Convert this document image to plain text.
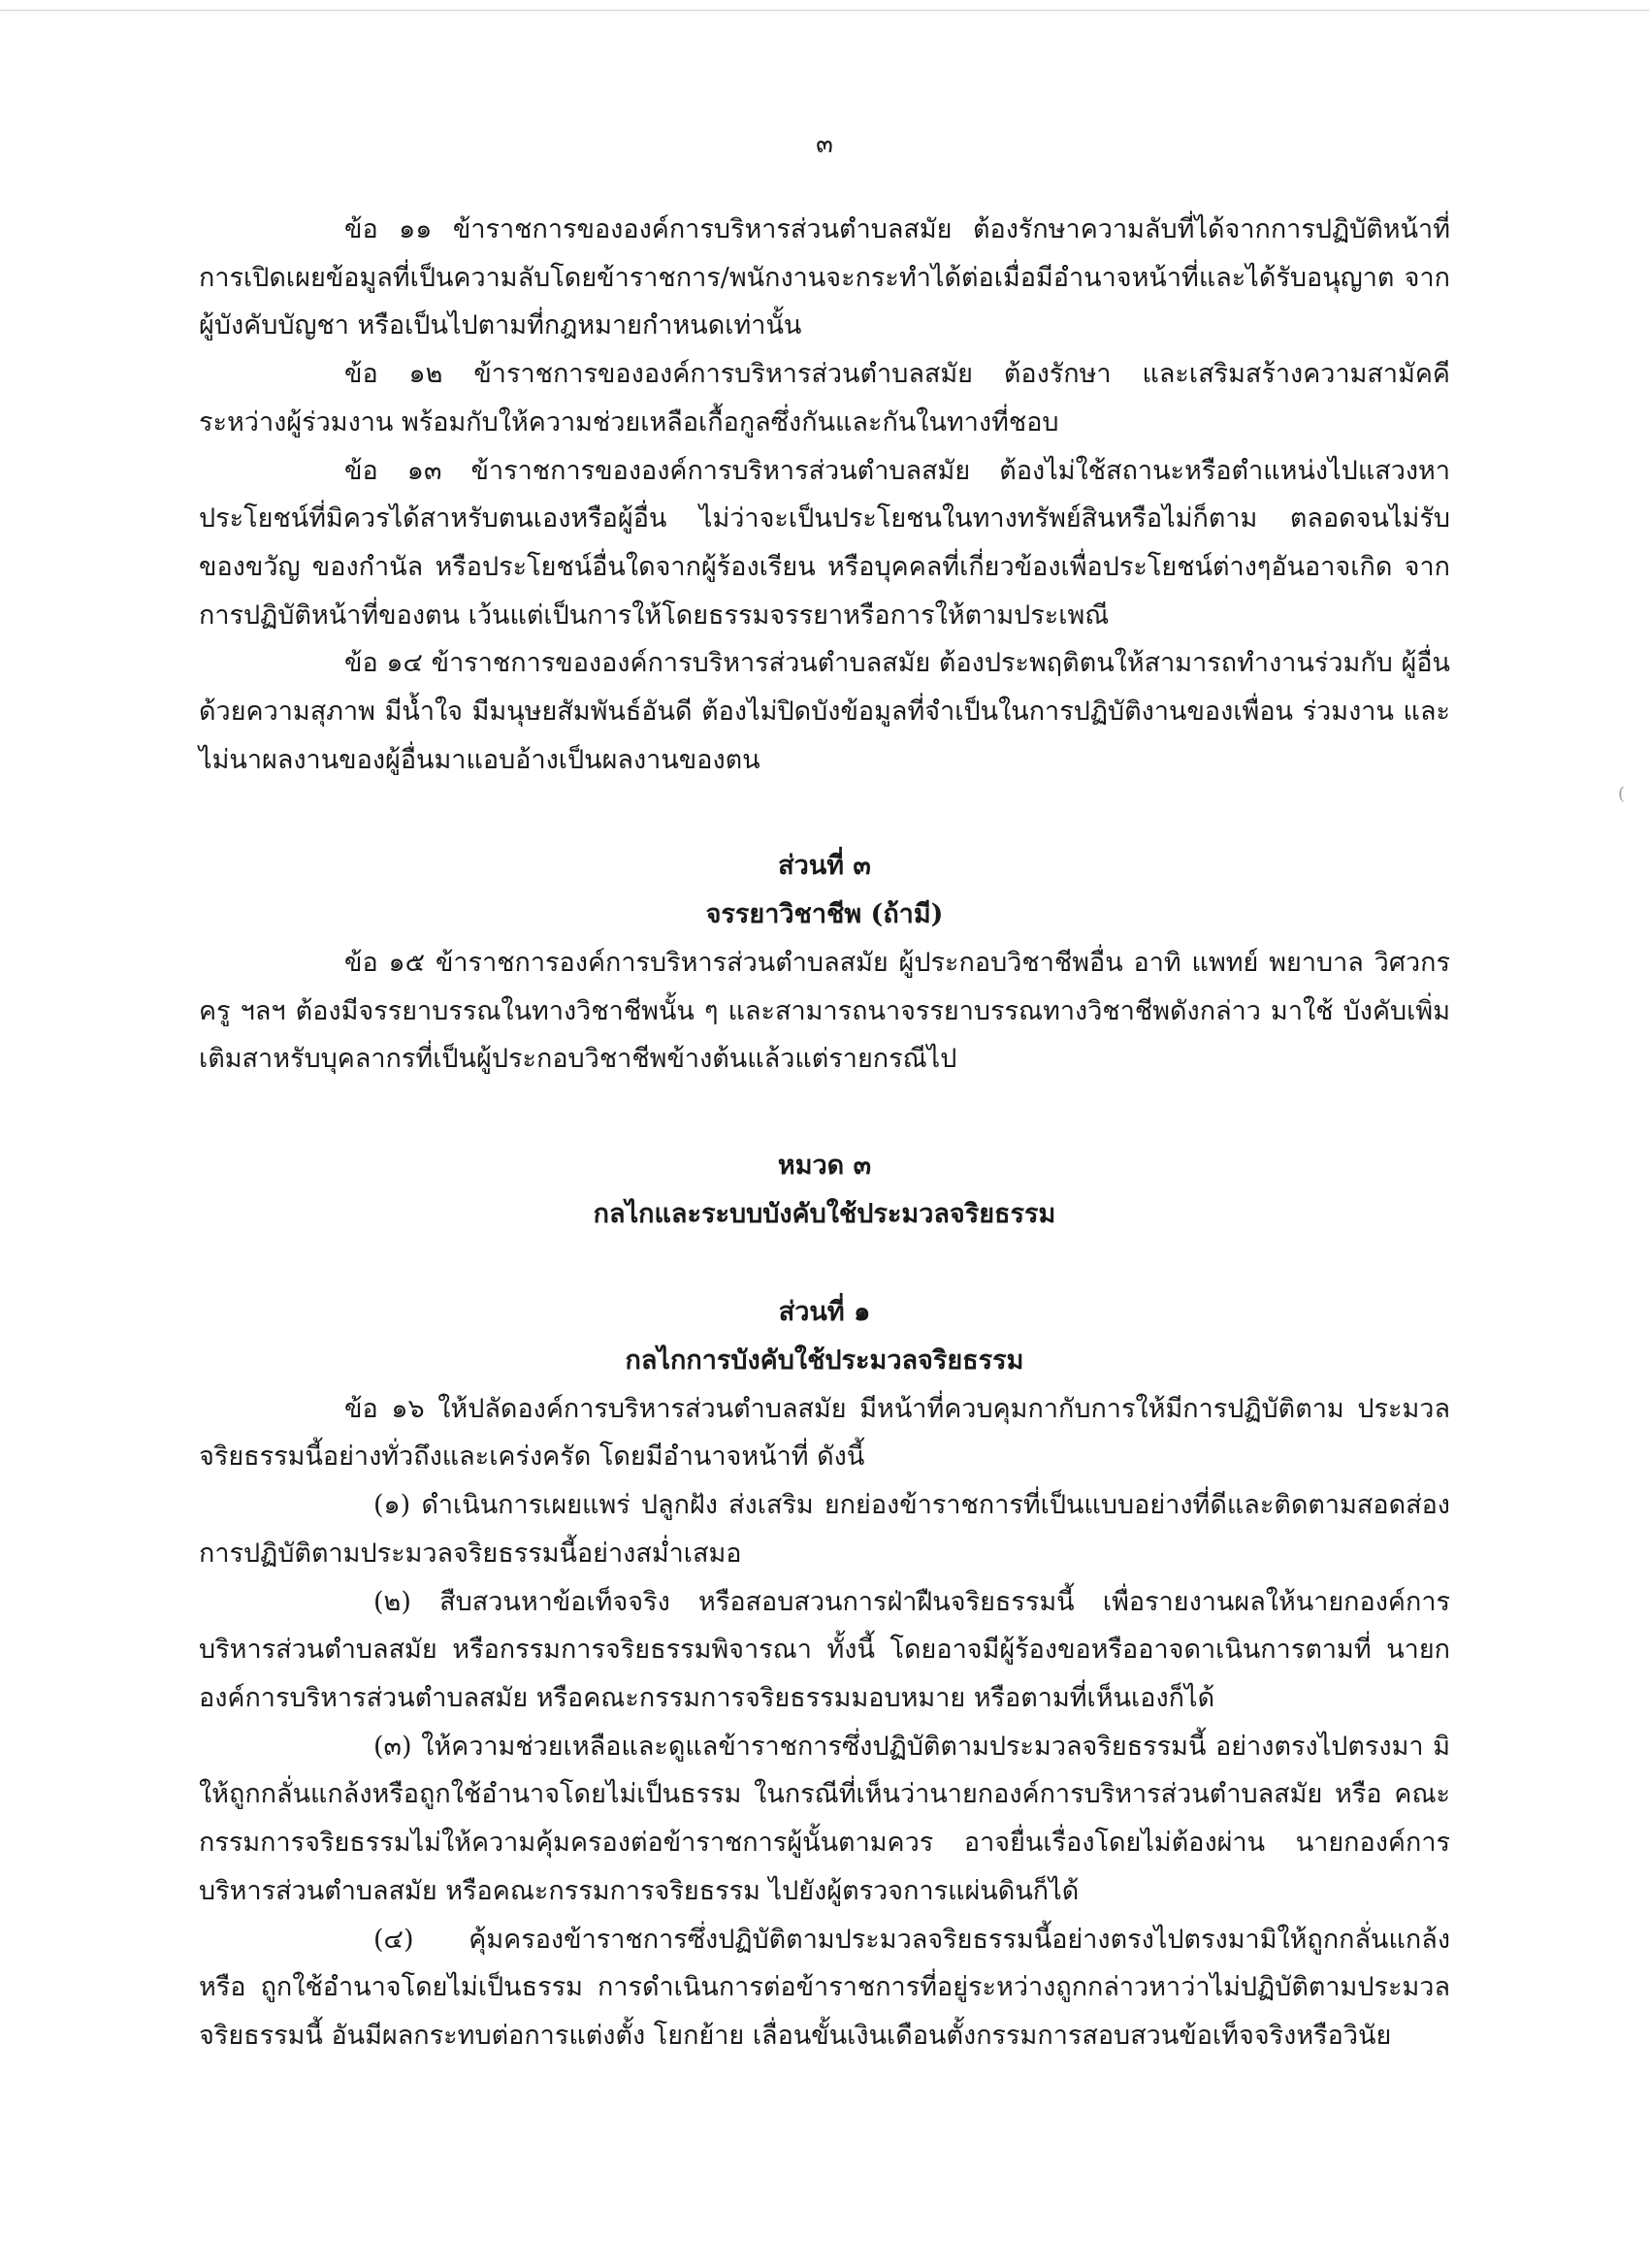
๓

ข้อ ๑๑ ข้าราชการขององค์การบริหารส่วนตำบลสมัย ต้องรักษาความลับที่ได้จากการปฏิบัติหน้าที่ การเปิดเผยข้อมูลที่เป็นความลับโดยข้าราชการ/พนักงานจะกระทำได้ต่อเมื่อมีอำนาจหน้าที่และได้รับอนุญาต จากผู้บังคับบัญชา หรือเป็นไปตามที่กฎหมายกำหนดเท่านั้น

ข้อ ๑๒ ข้าราชการขององค์การบริหารส่วนตำบลสมัย ต้องรักษา และเสริมสร้างความสามัคคี ระหว่างผู้ร่วมงาน พร้อมกับให้ความช่วยเหลือเกื้อกูลซึ่งกันและกันในทางที่ชอบ

ข้อ ๑๓ ข้าราชการขององค์การบริหารส่วนตำบลสมัย ต้องไม่ใช้สถานะหรือตำแหน่งไปแสวงหา ประโยชน์ที่มิควรได้สาหรับตนเองหรือผู้อื่น ไม่ว่าจะเป็นประโยชนในทางทรัพย์สินหรือไม่ก็ตาม ตลอดจนไม่รับ ของขวัญ ของกำนัล หรือประโยชน์อื่นใดจากผู้ร้องเรียน หรือบุคคลที่เกี่ยวข้องเพื่อประโยชน์ต่างๆอันอาจเกิด จากการปฏิบัติหน้าที่ของตน เว้นแต่เป็นการให้โดยธรรมจรรยาหรือการให้ตามประเพณี

ข้อ ๑๔ ข้าราชการขององค์การบริหารส่วนตำบลสมัย ต้องประพฤติตนให้สามารถทำงานร่วมกับ ผู้อื่นด้วยความสุภาพ มีน้ำใจ มีมนุษยสัมพันธ์อันดี ต้องไม่ปิดบังข้อมูลที่จำเป็นในการปฏิบัติงานของเพื่อน ร่วมงาน และไม่นาผลงานของผู้อื่นมาแอบอ้างเป็นผลงานของตน

ส่วนที่ ๓

จรรยาวิชาชีพ (ถ้ามี)

ข้อ ๑๕ ข้าราชการองค์การบริหารส่วนตำบลสมัย ผู้ประกอบวิชาชีพอื่น อาทิ แพทย์ พยาบาล วิศวกร ครู ฯลฯ ต้องมีจรรยาบรรณในทางวิชาชีพนั้น ๆ และสามารถนาจรรยาบรรณทางวิชาชีพดังกล่าว มาใช้ บังคับเพิ่มเติมสาหรับบุคลากรที่เป็นผู้ประกอบวิชาชีพข้างต้นแล้วแต่รายกรณีไป

หมวด ๓

กลไกและระบบบังคับใช้ประมวลจริยธรรม

ส่วนที่ ๑

กลไกการบังคับใช้ประมวลจริยธรรม

ข้อ ๑๖ ให้ปลัดองค์การบริหารส่วนตำบลสมัย มีหน้าที่ควบคุมกากับการให้มีการปฏิบัติตาม ประมวลจริยธรรมนี้อย่างทั่วถึงและเคร่งครัด โดยมีอำนาจหน้าที่ ดังนี้

(๑) ดำเนินการเผยแพร่ ปลูกฝัง ส่งเสริม ยกย่องข้าราชการที่เป็นแบบอย่างที่ดีและติดตามสอดส่อง การปฏิบัติตามประมวลจริยธรรมนี้อย่างสม่ำเสมอ

(๒) สืบสวนหาข้อเท็จจริง หรือสอบสวนการฝ่าฝืนจริยธรรมนี้ เพื่อรายงานผลให้นายกองค์การ บริหารส่วนตำบลสมัย หรือกรรมการจริยธรรมพิจารณา ทั้งนี้ โดยอาจมีผู้ร้องขอหรืออาจดาเนินการตามที่ นายกองค์การบริหารส่วนตำบลสมัย หรือคณะกรรมการจริยธรรมมอบหมาย หรือตามที่เห็นเองก็ได้

(๓) ให้ความช่วยเหลือและดูแลข้าราชการซึ่งปฏิบัติตามประมวลจริยธรรมนี้ อย่างตรงไปตรงมา มิให้ถูกกลั่นแกล้งหรือถูกใช้อำนาจโดยไม่เป็นธรรม ในกรณีที่เห็นว่านายกองค์การบริหารส่วนตำบลสมัย หรือ คณะกรรมการจริยธรรมไม่ให้ความคุ้มครองต่อข้าราชการผู้นั้นตามควร อาจยื่นเรื่องโดยไม่ต้องผ่าน นายกองค์การบริหารส่วนตำบลสมัย หรือคณะกรรมการจริยธรรม ไปยังผู้ตรวจการแผ่นดินก็ได้

(๔) คุ้มครองข้าราชการซึ่งปฏิบัติตามประมวลจริยธรรมนี้อย่างตรงไปตรงมามิให้ถูกกลั่นแกล้งหรือ ถูกใช้อำนาจโดยไม่เป็นธรรม การดำเนินการต่อข้าราชการที่อยู่ระหว่างถูกกล่าวหาว่าไม่ปฏิบัติตามประมวล จริยธรรมนี้ อันมีผลกระทบต่อการแต่งตั้ง โยกย้าย เลื่อนขั้นเงินเดือนตั้งกรรมการสอบสวนข้อเท็จจริงหรือวินัย

(
